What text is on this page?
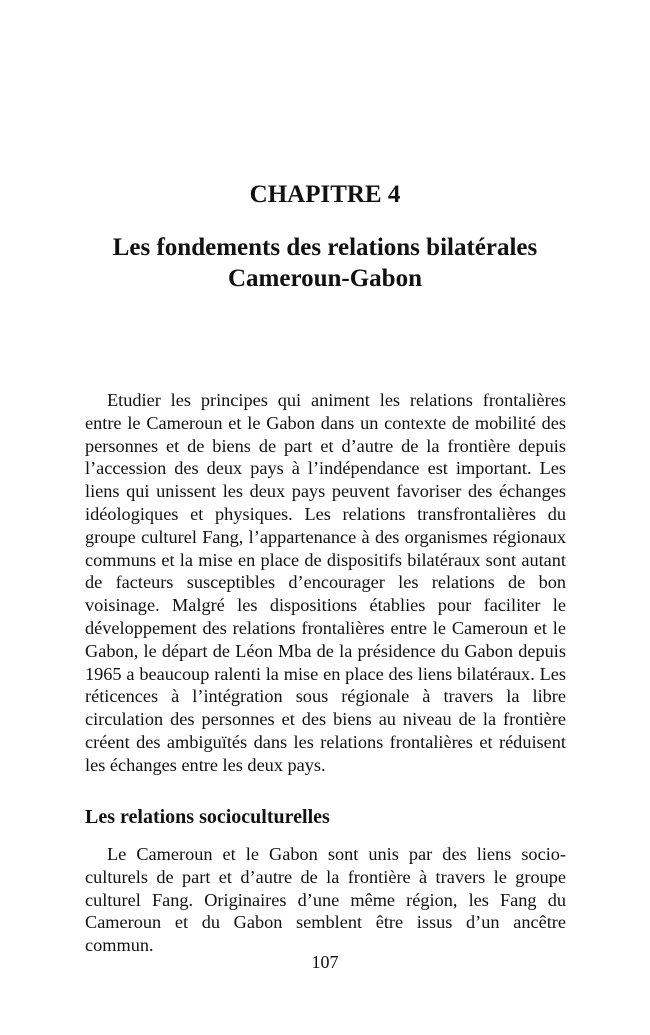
CHAPITRE 4
Les fondements des relations bilatérales
Cameroun-Gabon

Etudier les principes qui animent les relations frontalières entre le Cameroun et le Gabon dans un contexte de mobilité des personnes et de biens de part et d’autre de la frontière depuis l’accession des deux pays à l’indépendance est important. Les liens qui unissent les deux pays peuvent favoriser des échanges idéologiques et physiques. Les relations transfrontalières du groupe culturel Fang, l’appartenance à des organismes régionaux communs et la mise en place de dispositifs bilatéraux sont autant de facteurs susceptibles d’encourager les relations de bon voisinage. Malgré les dispositions établies pour faciliter le développement des relations frontalières entre le Cameroun et le Gabon, le départ de Léon Mba de la présidence du Gabon depuis 1965 a beaucoup ralenti la mise en place des liens bilatéraux. Les réticences à l’intégration sous régionale à travers la libre circulation des personnes et des biens au niveau de la frontière créent des ambiguïtés dans les relations frontalières et réduisent les échanges entre les deux pays.

Les relations socioculturelles

Le Cameroun et le Gabon sont unis par des liens socio-culturels de part et d’autre de la frontière à travers le groupe culturel Fang. Originaires d’une même région, les Fang du Cameroun et du Gabon semblent être issus d’un ancêtre commun.

107
